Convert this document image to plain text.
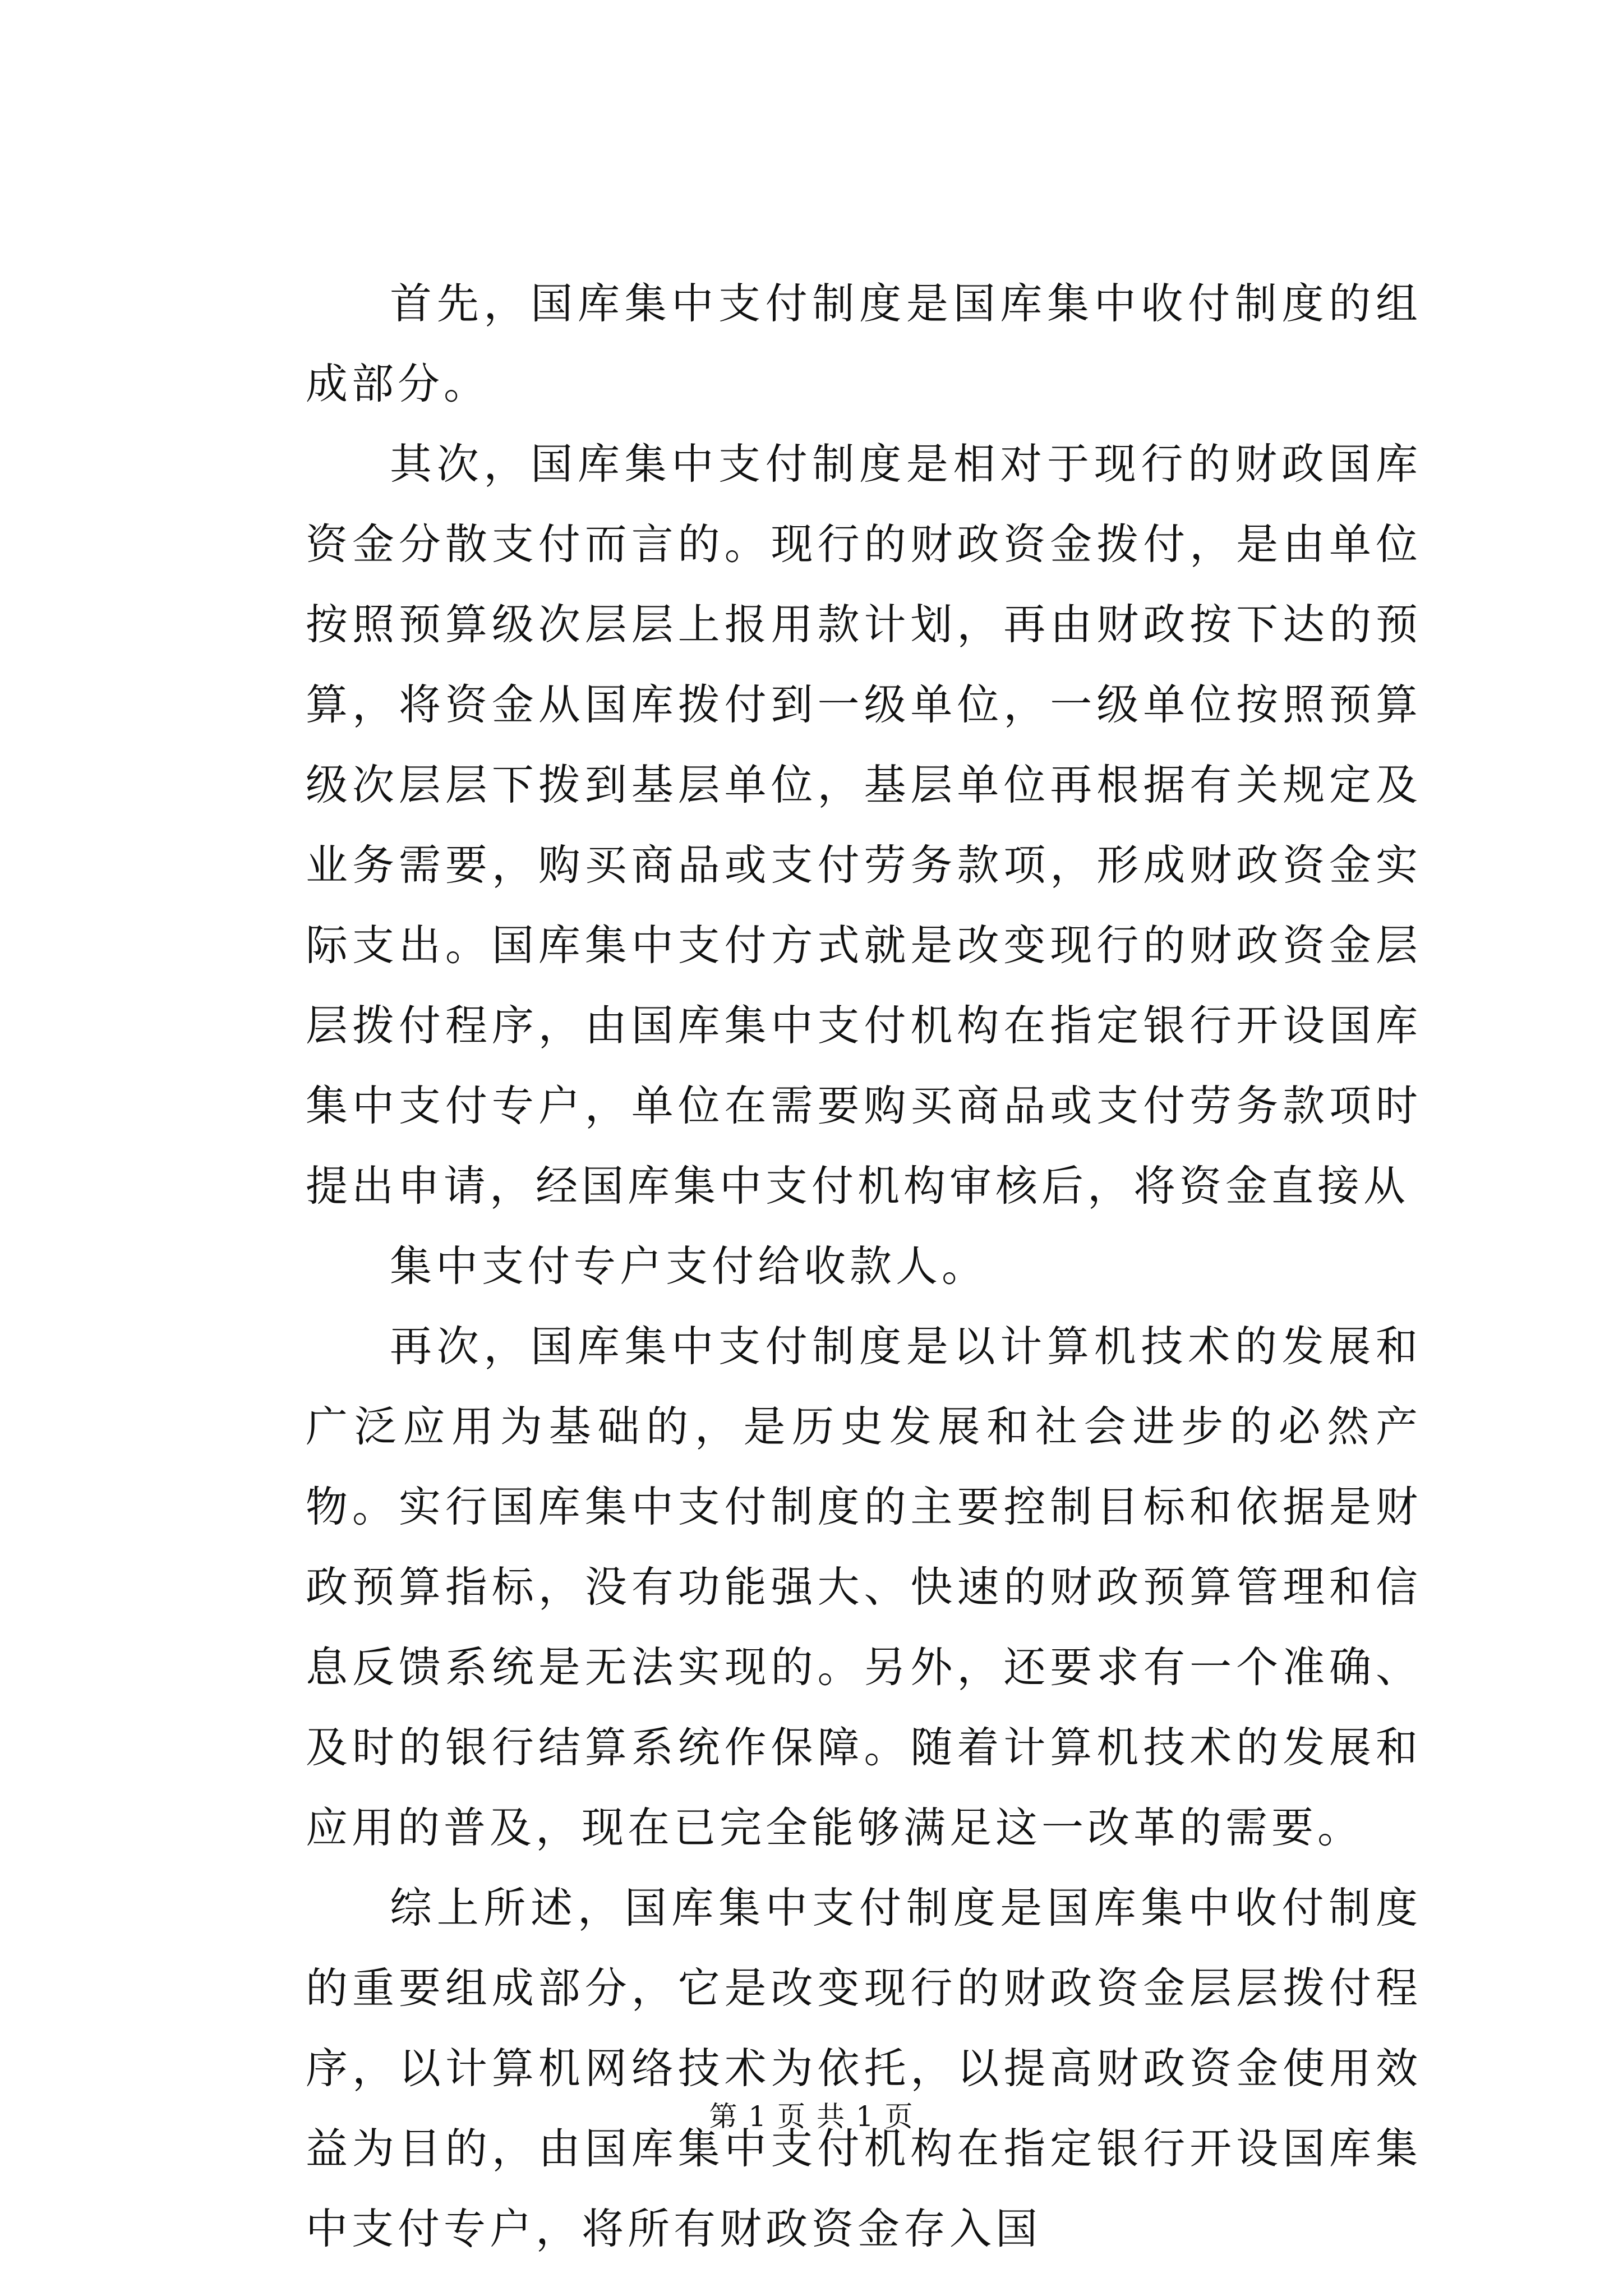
首先，国库集中支付制度是国库集中收付制度的组成部分。

其次，国库集中支付制度是相对于现行的财政国库资金分散支付而言的。现行的财政资金拨付，是由单位按照预算级次层层上报用款计划，再由财政按下达的预算，将资金从国库拨付到一级单位，一级单位按照预算级次层层下拨到基层单位，基层单位再根据有关规定及业务需要，购买商品或支付劳务款项，形成财政资金实际支出。国库集中支付方式就是改变现行的财政资金层层拨付程序，由国库集中支付机构在指定银行开设国库集中支付专户，单位在需要购买商品或支付劳务款项时提出申请，经国库集中支付机构审核后，将资金直接从

集中支付专户支付给收款人。

再次，国库集中支付制度是以计算机技术的发展和广泛应用为基础的，是历史发展和社会进步的必然产物。实行国库集中支付制度的主要控制目标和依据是财政预算指标，没有功能强大、快速的财政预算管理和信息反馈系统是无法实现的。另外，还要求有一个准确、及时的银行结算系统作保障。随着计算机技术的发展和应用的普及，现在已完全能够满足这一改革的需要。

综上所述，国库集中支付制度是国库集中收付制度的重要组成部分，它是改变现行的财政资金层层拨付程序，以计算机网络技术为依托，以提高财政资金使用效益为目的，由国库集中支付机构在指定银行开设国库集中支付专户，将所有财政资金存入国

第 1 页 共 1 页
